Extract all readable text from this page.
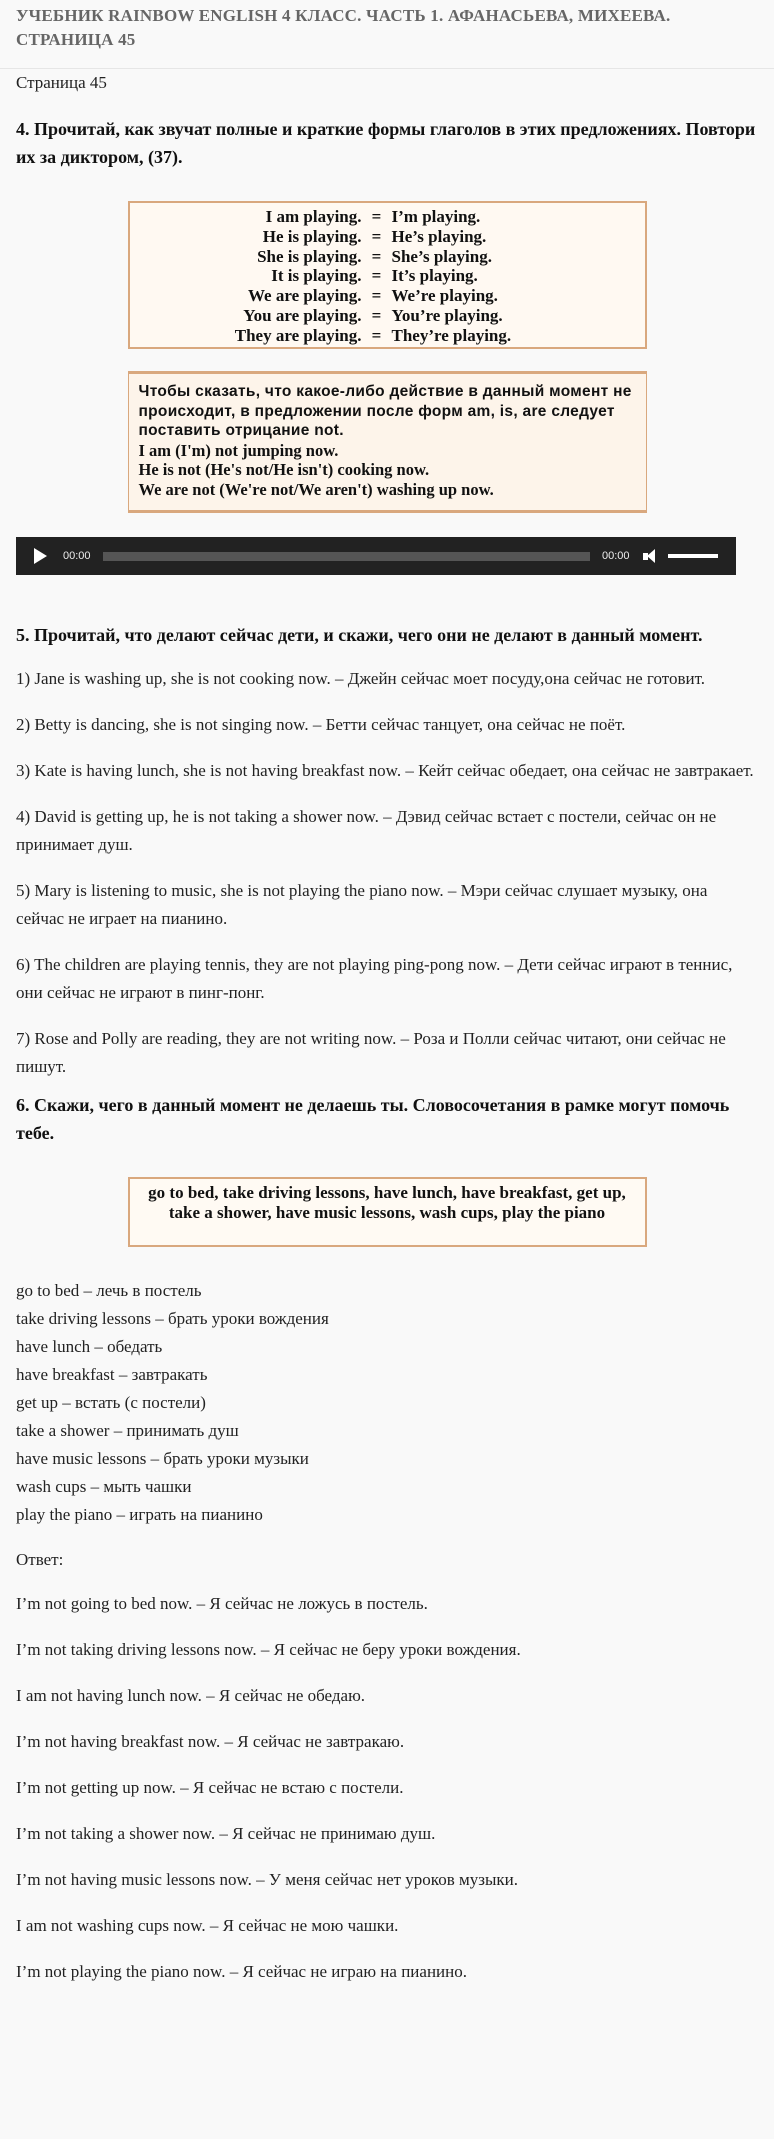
УЧЕБНИК RAINBOW ENGLISH 4 КЛАСС. ЧАСТЬ 1. АФАНАСЬЕВА, МИХЕЕВА. СТРАНИЦА 45

Страница 45

4. Прочитай, как звучат полные и краткие формы глаголов в этих предложениях. Повтори их за диктором, (37).

I am playing. = I’m playing.
He is playing. = He’s playing.
She is playing. = She’s playing.
It is playing. = It’s playing.
We are playing. = We’re playing.
You are playing. = You’re playing.
They are playing. = They’re playing.
Чтобы сказать, что какое-либо действие в данный момент не происходит, в предложении после форм am, is, are следует поставить отрицание not.
I am (I'm) not jumping now.
He is not (He's not/He isn't) cooking now.
We are not (We're not/We aren't) washing up now.
00:00	00:00

5. Прочитай, что делают сейчас дети, и скажи, чего они не делают в данный момент.

1) Jane is washing up, she is not cooking now. – Джейн сейчас моет посуду,она сейчас не готовит.

2) Betty is dancing, she is not singing now. – Бетти сейчас танцует, она сейчас не поёт.

3) Kate is having lunch, she is not having breakfast now. – Кейт сейчас обедает, она сейчас не завтракает.

4) David is getting up, he is not taking a shower now. – Дэвид сейчас встает с постели, сейчас он не принимает душ.

5) Mary is listening to music, she is not playing the piano now. – Мэри сейчас слушает музыку, она сейчас не играет на пианино.

6) The children are playing tennis, they are not playing ping-pong now. – Дети сейчас играют в теннис, они сейчас не играют в пинг-понг.

7) Rose and Polly are reading, they are not writing now. – Роза и Полли сейчас читают, они сейчас не пишут.

6. Скажи, чего в данный момент не делаешь ты. Словосочетания в рамке могут помочь тебе.

go to bed, take driving lessons, have lunch, have breakfast, get up, take a shower, have music lessons, wash cups, play the piano

go to bed – лечь в постель

take driving lessons – брать уроки вождения

have lunch – обедать

have breakfast – завтракать

get up – встать (с постели)

take a shower – принимать душ

have music lessons – брать уроки музыки

wash cups – мыть чашки

play the piano – играть на пианино

Ответ:

I’m not going to bed now. – Я сейчас не ложусь в постель.

I’m not taking driving lessons now. – Я сейчас не беру уроки вождения.

I am not having lunch now. – Я сейчас не обедаю.

I’m not having breakfast now. – Я сейчас не завтракаю.

I’m not getting up now. – Я сейчас не встаю с постели.

I’m not taking a shower now. – Я сейчас не принимаю душ.

I’m not having music lessons now. – У меня сейчас нет уроков музыки.

I am not washing cups now. – Я сейчас не мою чашки.

I’m not playing the piano now. – Я сейчас не играю на пианино.
